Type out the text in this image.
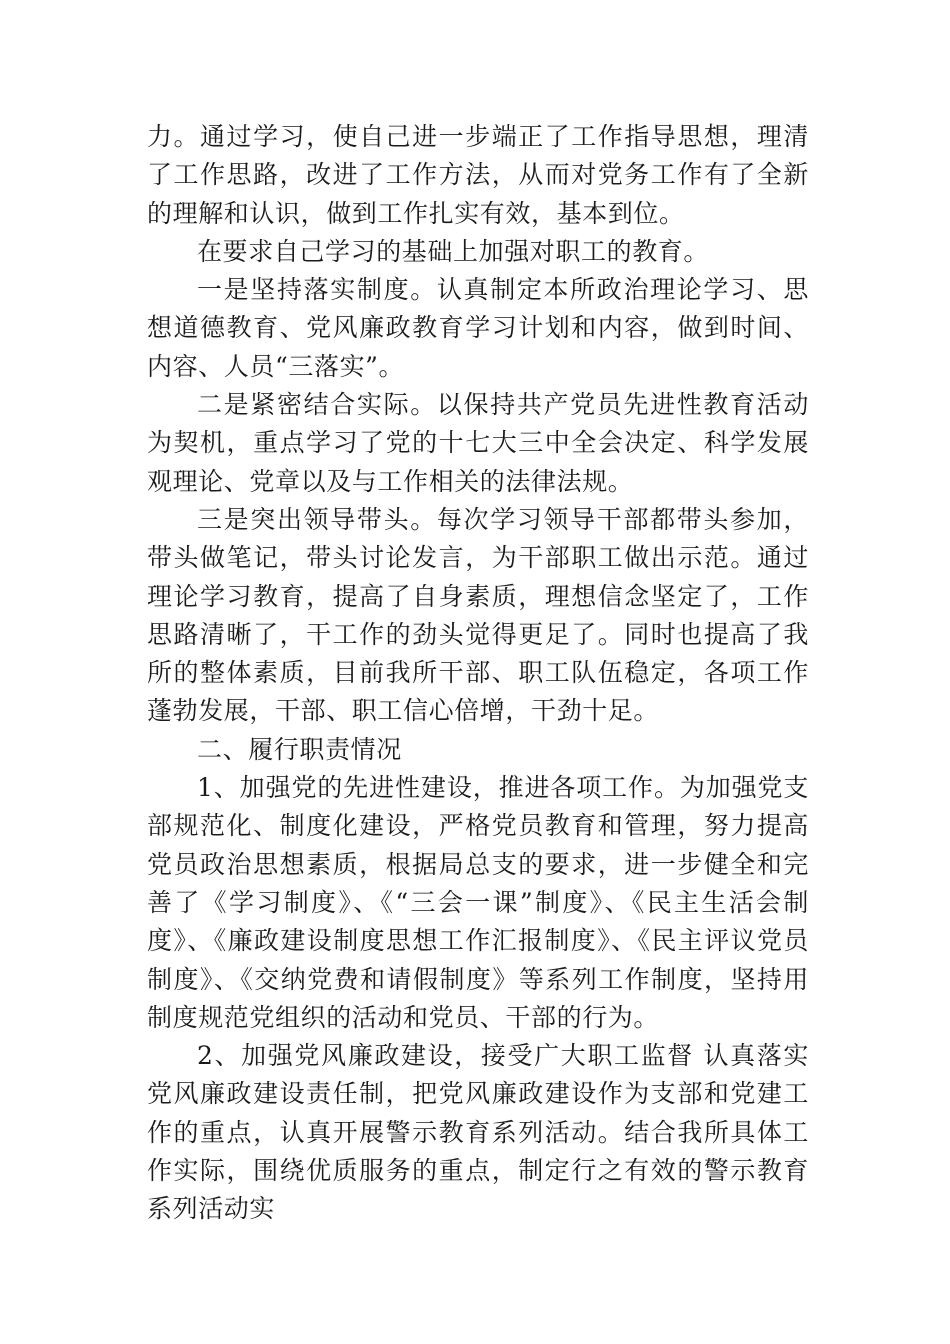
力。通过学习，使自己进一步端正了工作指导思想，理清了工作思路，改进了工作方法，从而对党务工作有了全新的理解和认识，做到工作扎实有效，基本到位。

在要求自己学习的基础上加强对职工的教育。

一是坚持落实制度。认真制定本所政治理论学习、思想道德教育、党风廉政教育学习计划和内容，做到时间、内容、人员“三落实”。

二是紧密结合实际。以保持共产党员先进性教育活动为契机，重点学习了党的十七大三中全会决定、科学发展观理论、党章以及与工作相关的法律法规。

三是突出领导带头。每次学习领导干部都带头参加，带头做笔记，带头讨论发言，为干部职工做出示范。通过理论学习教育，提高了自身素质，理想信念坚定了，工作思路清晰了，干工作的劲头觉得更足了。同时也提高了我所的整体素质，目前我所干部、职工队伍稳定，各项工作蓬勃发展，干部、职工信心倍增，干劲十足。

二、履行职责情况

1、加强党的先进性建设，推进各项工作。为加强党支部规范化、制度化建设，严格党员教育和管理，努力提高党员政治思想素质，根据局总支的要求，进一步健全和完善了《学习制度》、《“三会一课”制度》、《民主生活会制度》、《廉政建设制度思想工作汇报制度》、《民主评议党员制度》、《交纳党费和请假制度》等系列工作制度，坚持用制度规范党组织的活动和党员、干部的行为。

2、加强党风廉政建设，接受广大职工监督 认真落实党风廉政建设责任制，把党风廉政建设作为支部和党建工作的重点，认真开展警示教育系列活动。结合我所具体工作实际，围绕优质服务的重点，制定行之有效的警示教育系列活动实
